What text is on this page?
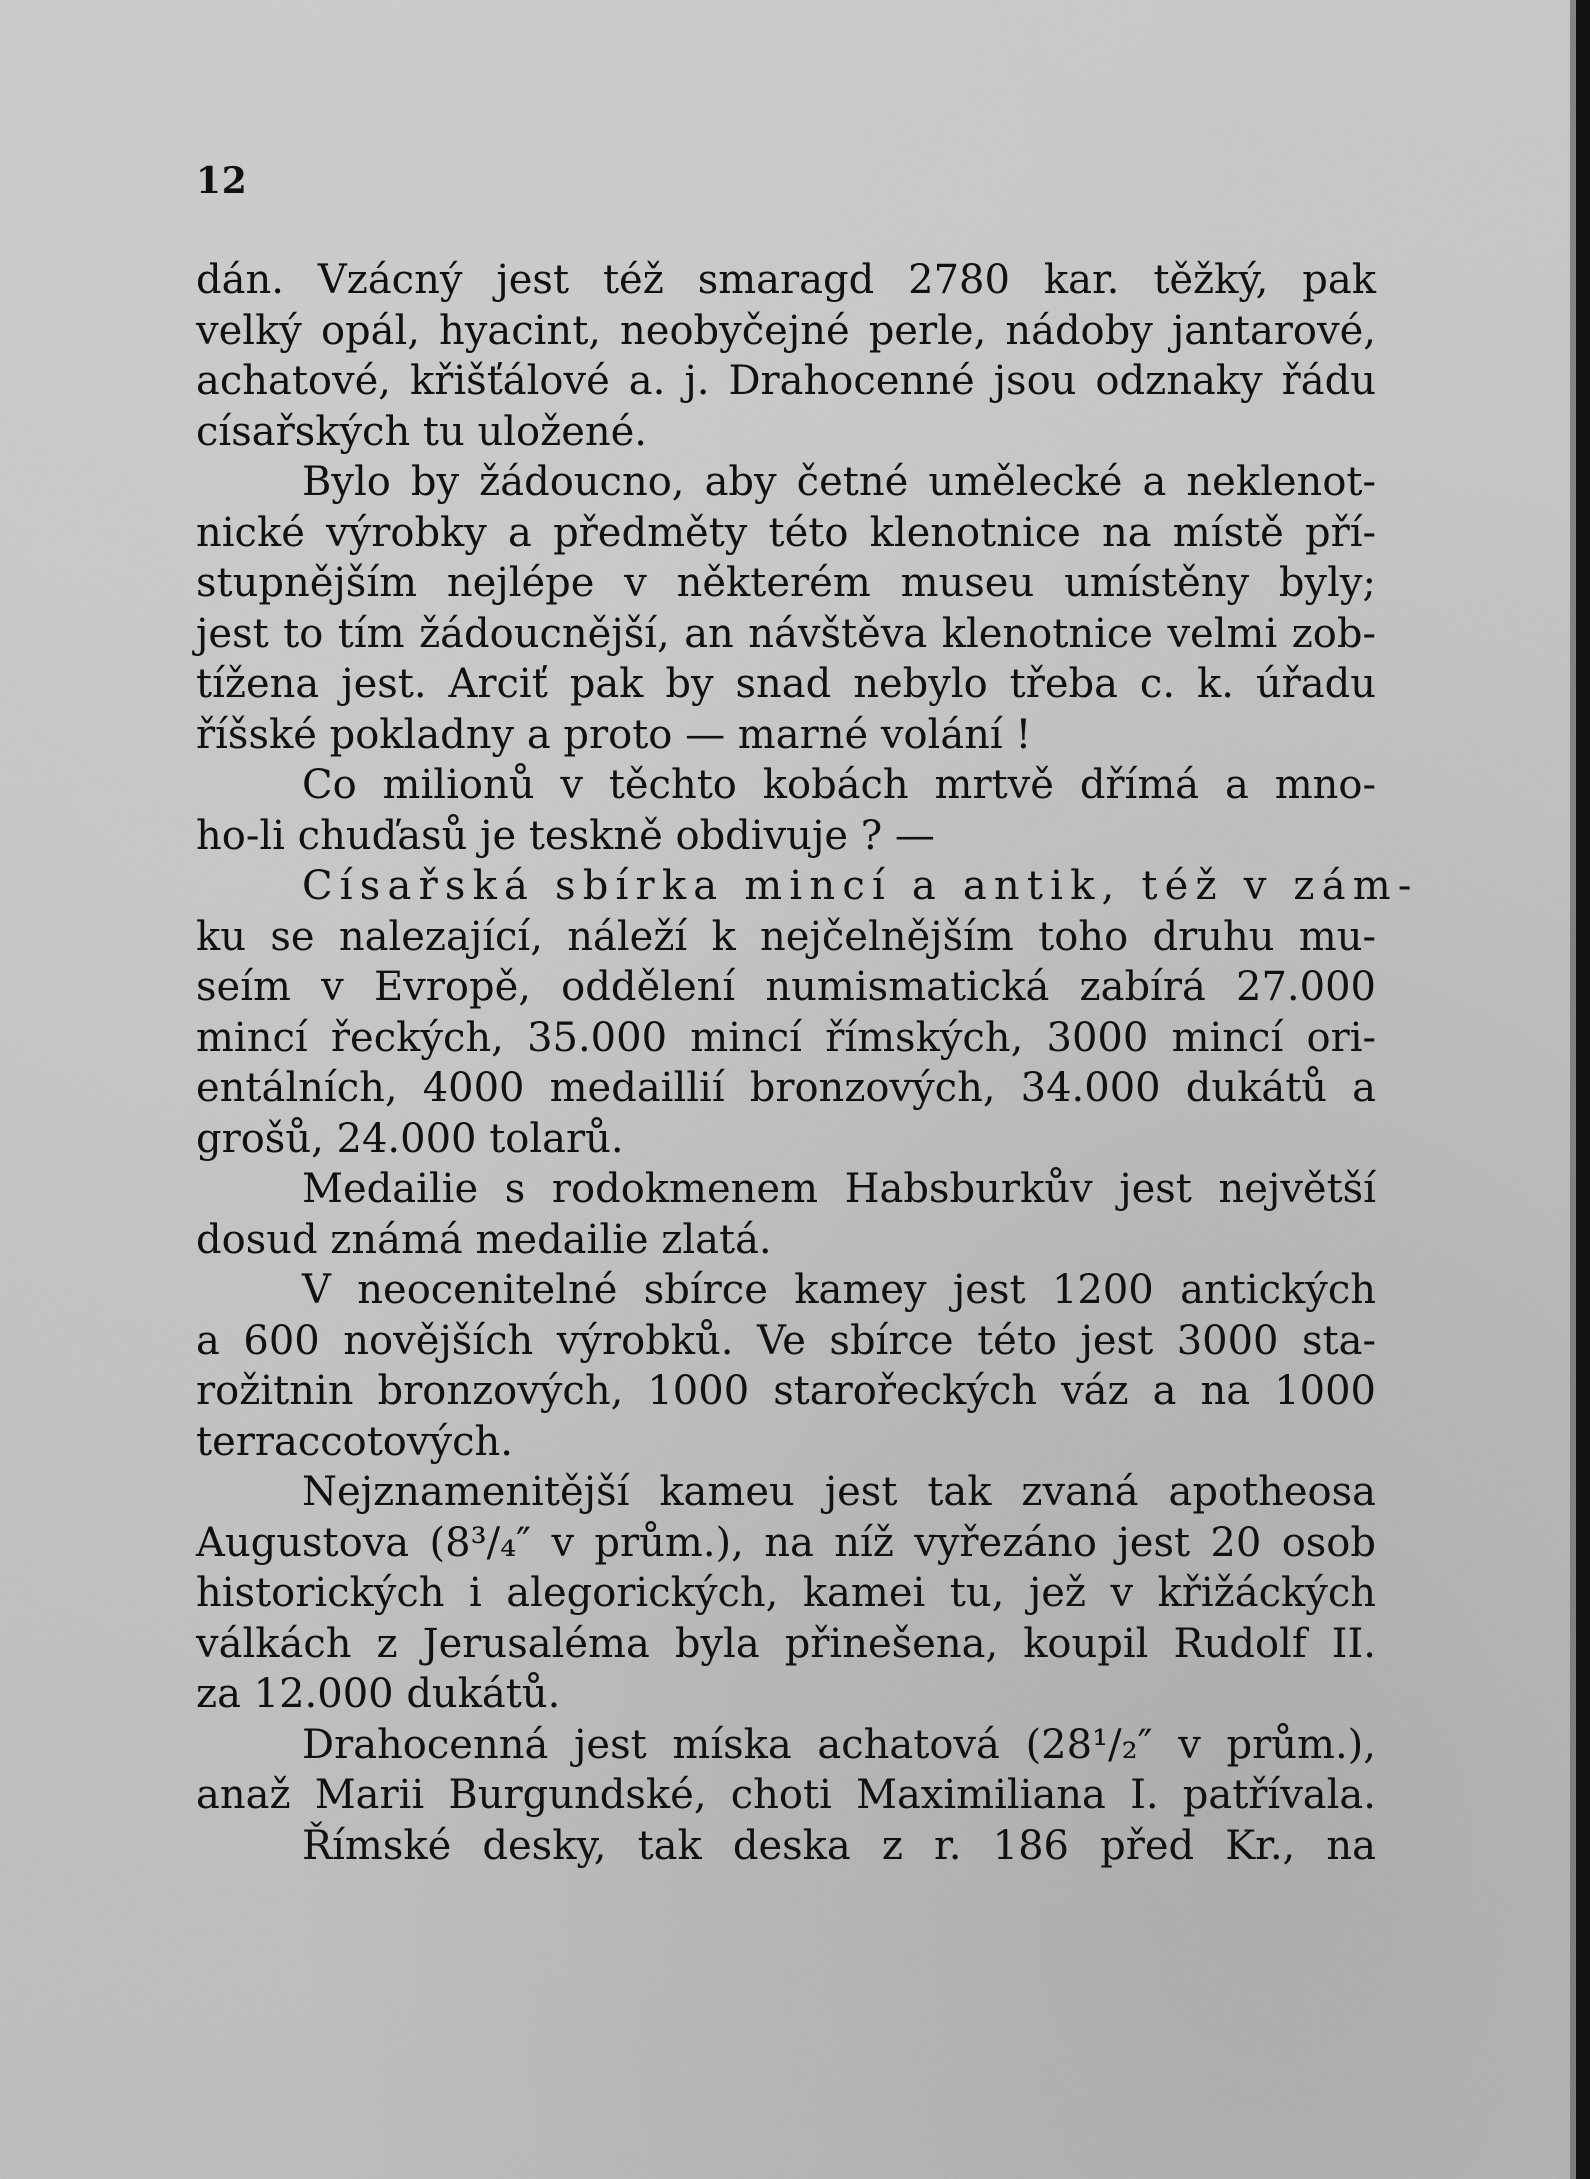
12
dán. Vzácný jest též smaragd 2780 kar. těžký, pak
velký opál, hyacint, neobyčejné perle, nádoby jantarové,
achatové, křišťálové a. j. Drahocenné jsou odznaky řádu
císařských tu uložené.
Bylo by žádoucno, aby četné umělecké a neklenot-
nické výrobky a předměty této klenotnice na místě pří-
stupnějším nejlépe v některém museu umístěny byly;
jest to tím žádoucnější, an návštěva klenotnice velmi zob-
tížena jest. Arciť pak by snad nebylo třeba c. k. úřadu
říšské pokladny a proto — marné volání !
Co milionů v těchto kobách mrtvě dřímá a mno-
ho-li chuďasů je teskně obdivuje ? —
Císařská sbírka mincí a antik, též v zám-
ku se nalezající, náleží k nejčelnějším toho druhu mu-
seím v Evropě, oddělení numismatická zabírá 27.000
mincí řeckých, 35.000 mincí římských, 3000 mincí ori-
entálních, 4000 medaillií bronzových, 34.000 dukátů a
grošů, 24.000 tolarů.
Medailie s rodokmenem Habsburkův jest největší
dosud známá medailie zlatá.
V neocenitelné sbírce kamey jest 1200 antických
a 600 novějších výrobků. Ve sbírce této jest 3000 sta-
rožitnin bronzových, 1000 starořeckých váz a na 1000
terraccotových.
Nejznamenitější kameu jest tak zvaná apotheosa
Augustova (8³/₄″ v prům.), na níž vyřezáno jest 20 osob
historických i alegorických, kamei tu, jež v křižáckých
válkách z Jerusaléma byla přinešena, koupil Rudolf II.
za 12.000 dukátů.
Drahocenná jest míska achatová (28¹/₂″ v prům.),
anaž Marii Burgundské, choti Maximiliana I. patřívala.
Římské desky, tak deska z r. 186 před Kr., na
